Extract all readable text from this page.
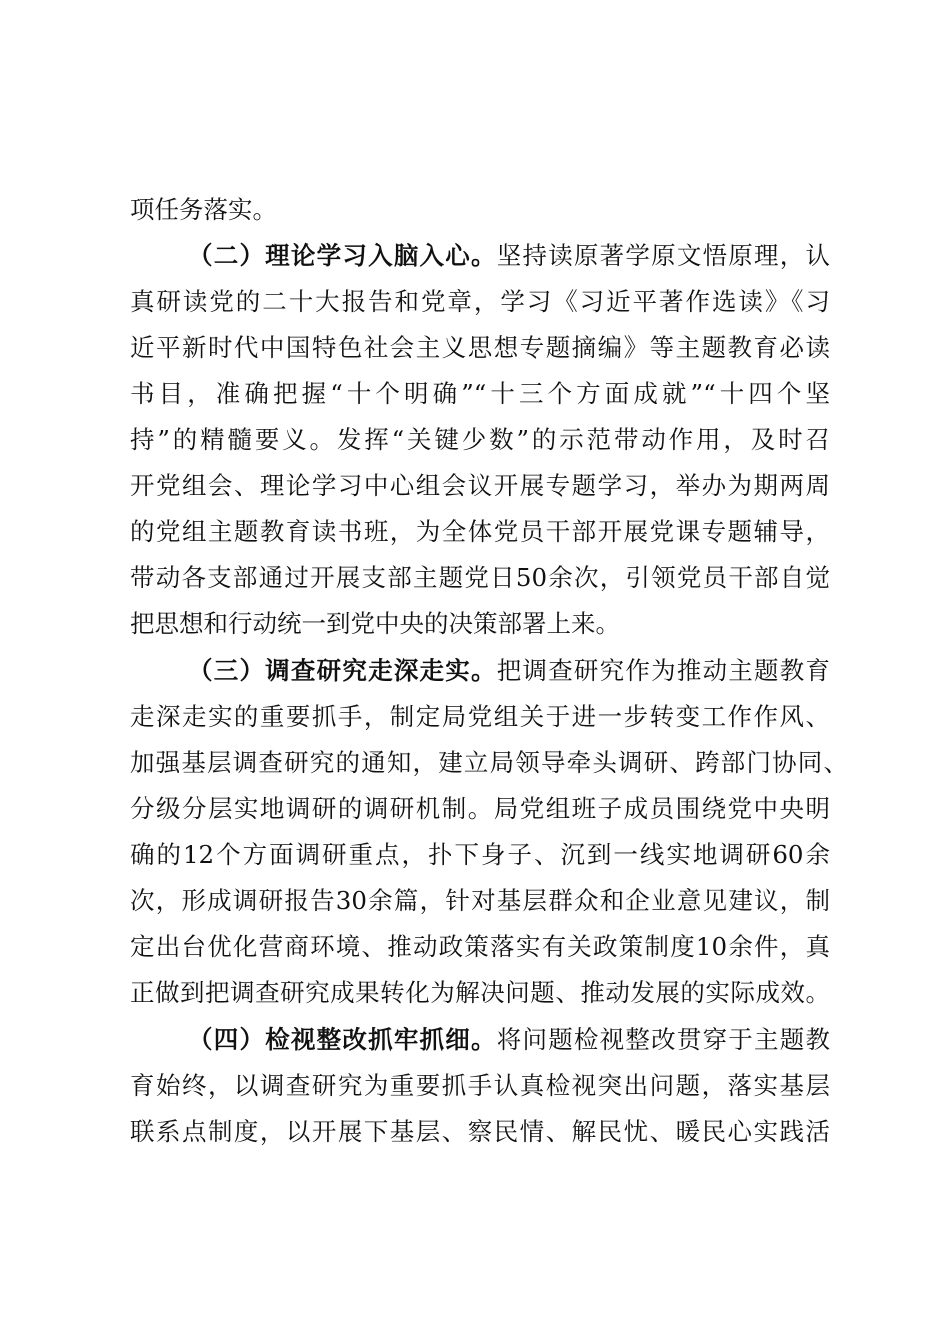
项任务落实。
（二）理论学习入脑入心。坚持读原著学原文悟原理，认
真研读党的二十大报告和党章，学习《习近平著作选读》《习
近平新时代中国特色社会主义思想专题摘编》等主题教育必读
书目，准确把握“十个明确”“十三个方面成就”“十四个坚
持”的精髓要义。发挥“关键少数”的示范带动作用，及时召
开党组会、理论学习中心组会议开展专题学习，举办为期两周
的党组主题教育读书班，为全体党员干部开展党课专题辅导，
带动各支部通过开展支部主题党日50余次，引领党员干部自觉
把思想和行动统一到党中央的决策部署上来。
（三）调查研究走深走实。把调查研究作为推动主题教育
走深走实的重要抓手，制定局党组关于进一步转变工作作风、
加强基层调查研究的通知，建立局领导牵头调研、跨部门协同、
分级分层实地调研的调研机制。局党组班子成员围绕党中央明
确的12个方面调研重点，扑下身子、沉到一线实地调研60余
次，形成调研报告30余篇，针对基层群众和企业意见建议，制
定出台优化营商环境、推动政策落实有关政策制度10余件，真
正做到把调查研究成果转化为解决问题、推动发展的实际成效。
（四）检视整改抓牢抓细。将问题检视整改贯穿于主题教
育始终，以调查研究为重要抓手认真检视突出问题，落实基层
联系点制度，以开展下基层、察民情、解民忧、暖民心实践活
